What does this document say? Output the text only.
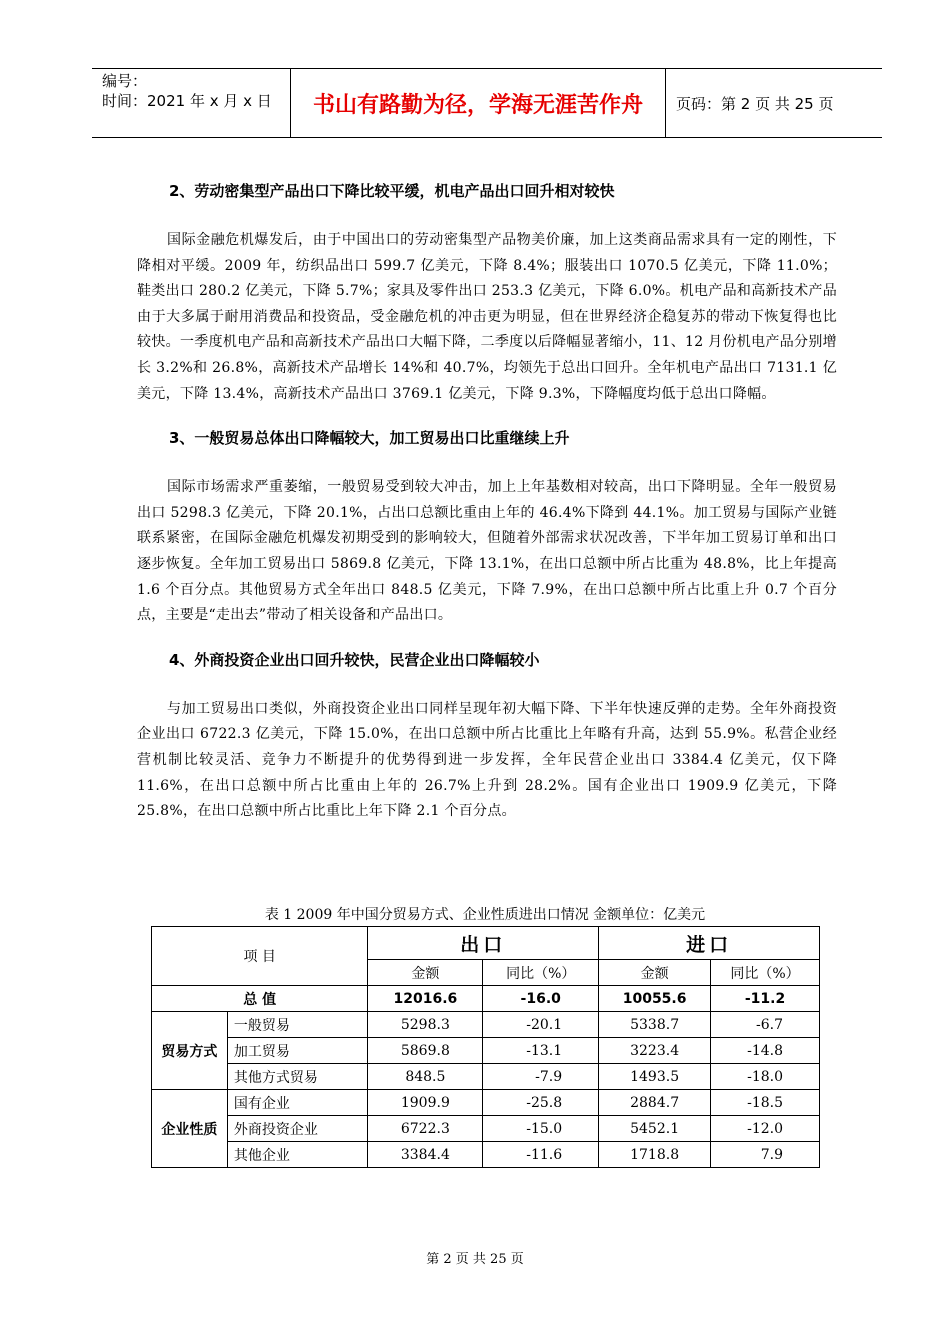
编号：
时间：2021 年 x 月 x 日	书山有路勤为径，学海无涯苦作舟	页码：第 2 页 共 25 页
2、劳动密集型产品出口下降比较平缓，机电产品出口回升相对较快

国际金融危机爆发后，由于中国出口的劳动密集型产品物美价廉，加上这类商品需求具有一定的刚性，下降相对平缓。2009 年，纺织品出口 599.7 亿美元，下降 8.4%；服装出口 1070.5 亿美元，下降 11.0%；鞋类出口 280.2 亿美元，下降 5.7%；家具及零件出口 253.3 亿美元，下降 6.0%。机电产品和高新技术产品由于大多属于耐用消费品和投资品，受金融危机的冲击更为明显，但在世界经济企稳复苏的带动下恢复得也比较快。一季度机电产品和高新技术产品出口大幅下降，二季度以后降幅显著缩小，11、12 月份机电产品分别增长 3.2%和 26.8%，高新技术产品增长 14%和 40.7%，均领先于总出口回升。全年机电产品出口 7131.1 亿美元，下降 13.4%，高新技术产品出口 3769.1 亿美元，下降 9.3%，下降幅度均低于总出口降幅。

3、一般贸易总体出口降幅较大，加工贸易出口比重继续上升

国际市场需求严重萎缩，一般贸易受到较大冲击，加上上年基数相对较高，出口下降明显。全年一般贸易出口 5298.3 亿美元，下降 20.1%，占出口总额比重由上年的 46.4%下降到 44.1%。加工贸易与国际产业链联系紧密，在国际金融危机爆发初期受到的影响较大，但随着外部需求状况改善，下半年加工贸易订单和出口逐步恢复。全年加工贸易出口 5869.8 亿美元，下降 13.1%，在出口总额中所占比重为 48.8%，比上年提高 1.6 个百分点。其他贸易方式全年出口 848.5 亿美元，下降 7.9%，在出口总额中所占比重上升 0.7 个百分点，主要是“走出去”带动了相关设备和产品出口。

4、外商投资企业出口回升较快，民营企业出口降幅较小

与加工贸易出口类似，外商投资企业出口同样呈现年初大幅下降、下半年快速反弹的走势。全年外商投资企业出口 6722.3 亿美元，下降 15.0%，在出口总额中所占比重比上年略有升高，达到 55.9%。私营企业经营机制比较灵活、竞争力不断提升的优势得到进一步发挥，全年民营企业出口 3384.4 亿美元，仅下降 11.6%，在出口总额中所占比重由上年的 26.7%上升到 28.2%。国有企业出口 1909.9 亿美元，下降 25.8%，在出口总额中所占比重比上年下降 2.1 个百分点。

表 1 2009 年中国分贸易方式、企业性质进出口情况 金额单位：亿美元
项 目		出口		进口	
		金额	同比（%）	金额	同比（%）
总 值		12016.6	-16.0	10055.6	-11.2
贸易方式	一般贸易	5298.3	-20.1	5338.7	-6.7
	加工贸易	5869.8	-13.1	3223.4	-14.8
	其他方式贸易	848.5	-7.9	1493.5	-18.0
企业性质	国有企业	1909.9	-25.8	2884.7	-18.5
	外商投资企业	6722.3	-15.0	5452.1	-12.0
	其他企业	3384.4	-11.6	1718.8	7.9
第 2 页 共 25 页
